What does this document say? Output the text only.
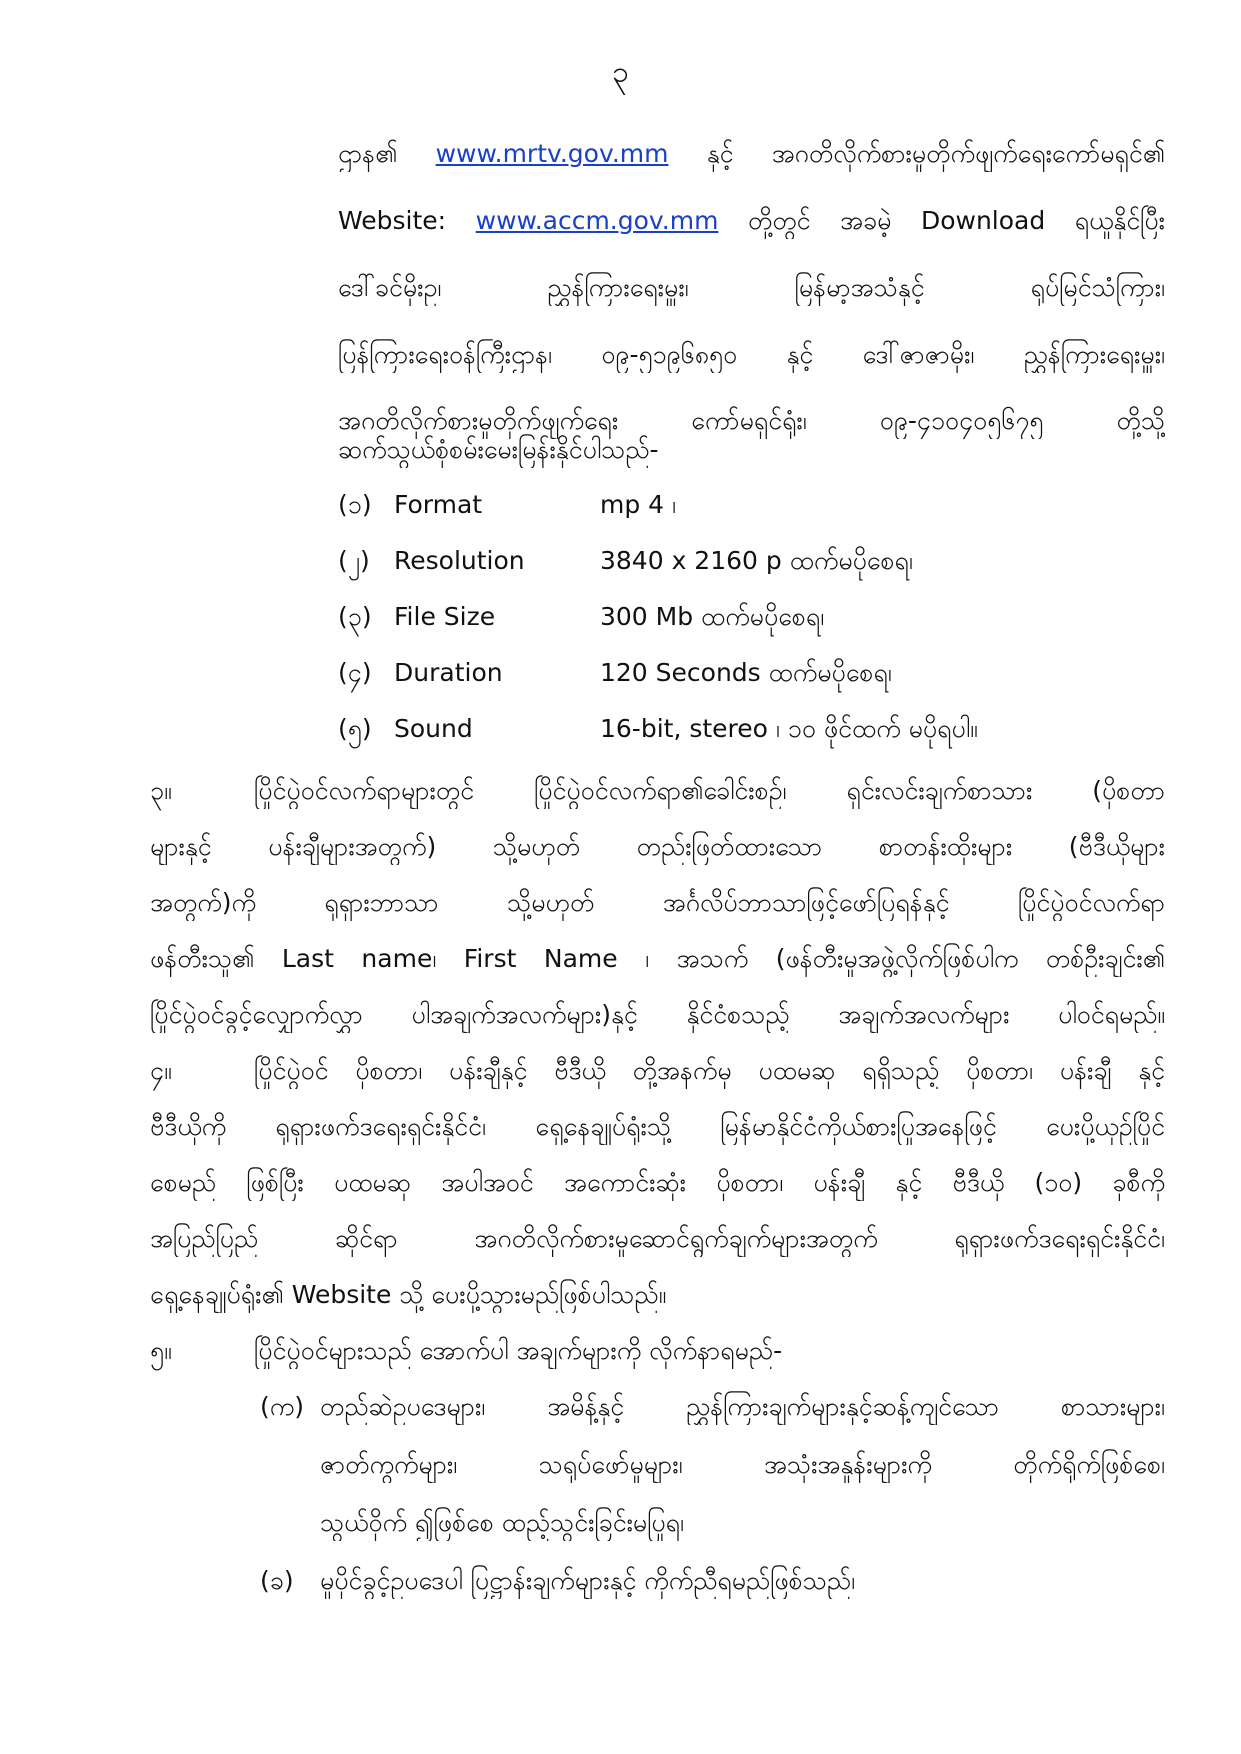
၃

ဌာန၏ www.mrtv.gov.mm နှင့် အဂတိလိုက်စားမှုတိုက်ဖျက်ရေးကော်မရှင်၏

Website: www.accm.gov.mm တို့တွင် အခမဲ့ Download ရယူနိုင်ပြီး

ဒေါ်ခင်မိုးဥ၊ ညွှန်ကြားရေးမှူး၊ မြန်မာ့အသံနှင့် ရုပ်မြင်သံကြား၊

ပြန်ကြားရေးဝန်ကြီးဌာန၊ ၀၉-၅၁၉၆၈၅၀ နှင့် ဒေါ်ဇာဇာမိုး၊ ညွှန်ကြားရေးမှူး၊

အဂတိလိုက်စားမှုတိုက်ဖျက်ရေး ကော်မရှင်ရုံး၊ ၀၉-၄၁၀၄၀၅၆၇၅ တို့သို့

ဆက်သွယ်စုံစမ်းမေးမြန်းနိုင်ပါသည်-

(၁) Format	mp 4 ၊
(၂) Resolution	3840 x 2160 p ထက်မပိုစေရ၊
(၃) File Size	300 Mb ထက်မပိုစေရ၊
(၄) Duration	120 Seconds ထက်မပိုစေရ၊
(၅) Sound	16-bit, stereo ၊ ၁၀ ဖိုင်ထက် မပိုရပါ။
၃။	ပြိုင်ပွဲဝင်လက်ရာများတွင် ပြိုင်ပွဲဝင်လက်ရာ၏ခေါင်းစဉ်၊ ရှင်းလင်းချက်စာသား (ပိုစတာ

များနှင့် ပန်းချီများအတွက်) သို့မဟုတ် တည်းဖြတ်ထားသော စာတန်းထိုးများ (ဗီဒီယိုများ

အတွက်)ကို ရုရှားဘာသာ သို့မဟုတ် အင်္ဂလိပ်ဘာသာဖြင့်ဖော်ပြရန်နှင့် ပြိုင်ပွဲဝင်လက်ရာ

ဖန်တီးသူ၏ Last name၊ First Name ၊ အသက် (ဖန်တီးမှုအဖွဲ့လိုက်ဖြစ်ပါက တစ်ဦးချင်း၏

ပြိုင်ပွဲဝင်ခွင့်လျှောက်လွှာ ပါအချက်အလက်များ)နှင့် နိုင်ငံစသည့် အချက်အလက်များ ပါဝင်ရမည်။

၄။	ပြိုင်ပွဲဝင် ပိုစတာ၊ ပန်းချီနှင့် ဗီဒီယို တို့အနက်မှ ပထမဆု ရရှိသည့် ပိုစတာ၊ ပန်းချီ နှင့်

ဗီဒီယိုကို ရုရှားဖက်ဒရေးရှင်းနိုင်ငံ၊ ရှေ့နေချုပ်ရုံးသို့ မြန်မာနိုင်ငံကိုယ်စားပြုအနေဖြင့် ပေးပို့ယှဉ်ပြိုင်

စေမည် ဖြစ်ပြီး ပထမဆု အပါအဝင် အကောင်းဆုံး ပိုစတာ၊ ပန်းချီ နှင့် ဗီဒီယို (၁၀) ခုစီကို

အပြည်ပြည် ဆိုင်ရာ အဂတိလိုက်စားမှုဆောင်ရွက်ချက်များအတွက် ရုရှားဖက်ဒရေးရှင်းနိုင်ငံ၊

ရှေ့နေချုပ်ရုံး၏ Website သို့ ပေးပို့သွားမည်ဖြစ်ပါသည်။

၅။	ပြိုင်ပွဲဝင်များသည် အောက်ပါ အချက်များကို လိုက်နာရမည်-

(က) တည်ဆဲဥပဒေများ၊ အမိန့်နှင့် ညွှန်ကြားချက်များနှင့်ဆန့်ကျင်သော စာသားများ၊

ဇာတ်ကွက်များ၊ သရုပ်ဖော်မှုများ၊ အသုံးအနှုန်းများကို တိုက်ရိုက်ဖြစ်စေ၊

သွယ်ဝိုက် ၍ဖြစ်စေ ထည့်သွင်းခြင်းမပြုရ၊

(ခ) မူပိုင်ခွင့်ဥပဒေပါ ပြဋ္ဌာန်းချက်များနှင့် ကိုက်ညီရမည်ဖြစ်သည်၊
